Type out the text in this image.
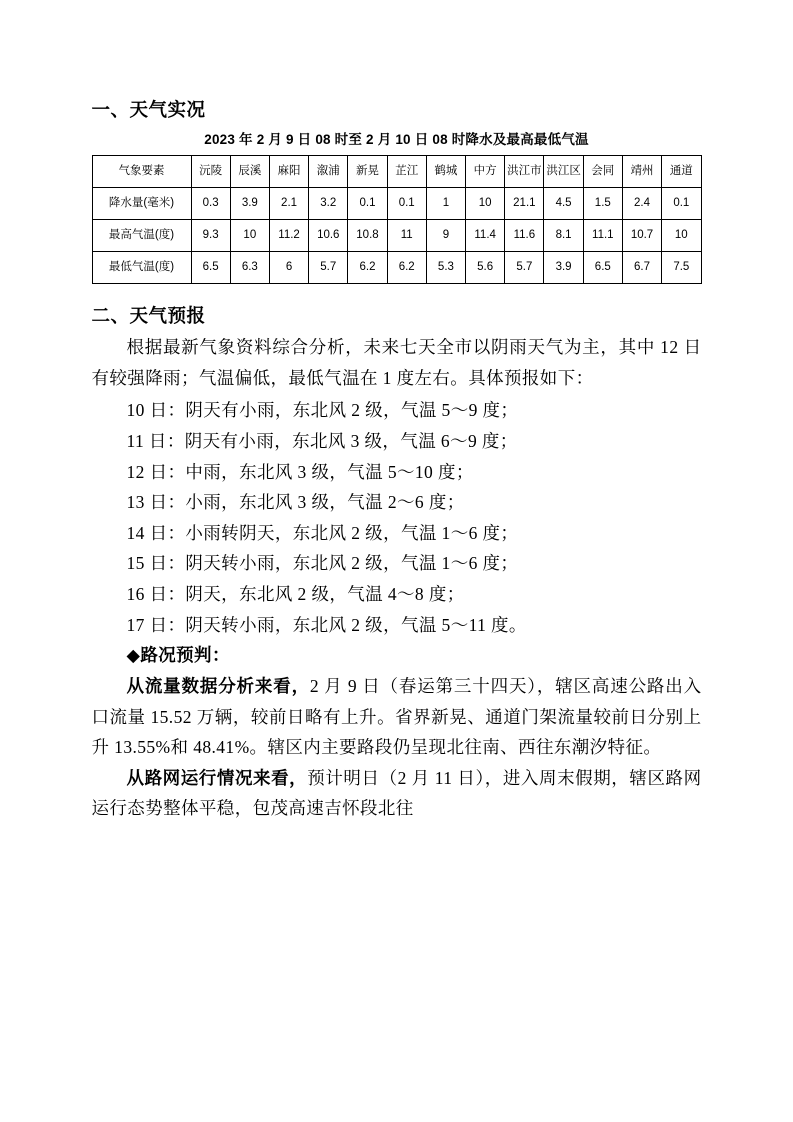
一、天气实况
2023 年 2 月 9 日 08 时至 2 月 10 日 08 时降水及最高最低气温
气象要素	沅陵	辰溪	麻阳	溆浦	新晃	芷江	鹤城	中方	洪江市	洪江区	会同	靖州	通道
降水量(毫米)	0.3	3.9	2.1	3.2	0.1	0.1	1	10	21.1	4.5	1.5	2.4	0.1
最高气温(度)	9.3	10	11.2	10.6	10.8	11	9	11.4	11.6	8.1	11.1	10.7	10
最低气温(度)	6.5	6.3	6	5.7	6.2	6.2	5.3	5.6	5.7	3.9	6.5	6.7	7.5
二、天气预报

根据最新气象资料综合分析，未来七天全市以阴雨天气为主，其中 12 日有较强降雨；气温偏低，最低气温在 1 度左右。具体预报如下：

10 日：阴天有小雨，东北风 2 级，气温 5～9 度；

11 日：阴天有小雨，东北风 3 级，气温 6～9 度；

12 日：中雨，东北风 3 级，气温 5～10 度；

13 日：小雨，东北风 3 级，气温 2～6 度；

14 日：小雨转阴天，东北风 2 级，气温 1～6 度；

15 日：阴天转小雨，东北风 2 级，气温 1～6 度；

16 日：阴天，东北风 2 级，气温 4～8 度；

17 日：阴天转小雨，东北风 2 级，气温 5～11 度。

◆路况预判：

从流量数据分析来看，2 月 9 日（春运第三十四天），辖区高速公路出入口流量 15.52 万辆，较前日略有上升。省界新晃、通道门架流量较前日分别上升 13.55%和 48.41%。辖区内主要路段仍呈现北往南、西往东潮汐特征。

从路网运行情况来看，预计明日（2 月 11 日），进入周末假期，辖区路网运行态势整体平稳，包茂高速吉怀段北往
